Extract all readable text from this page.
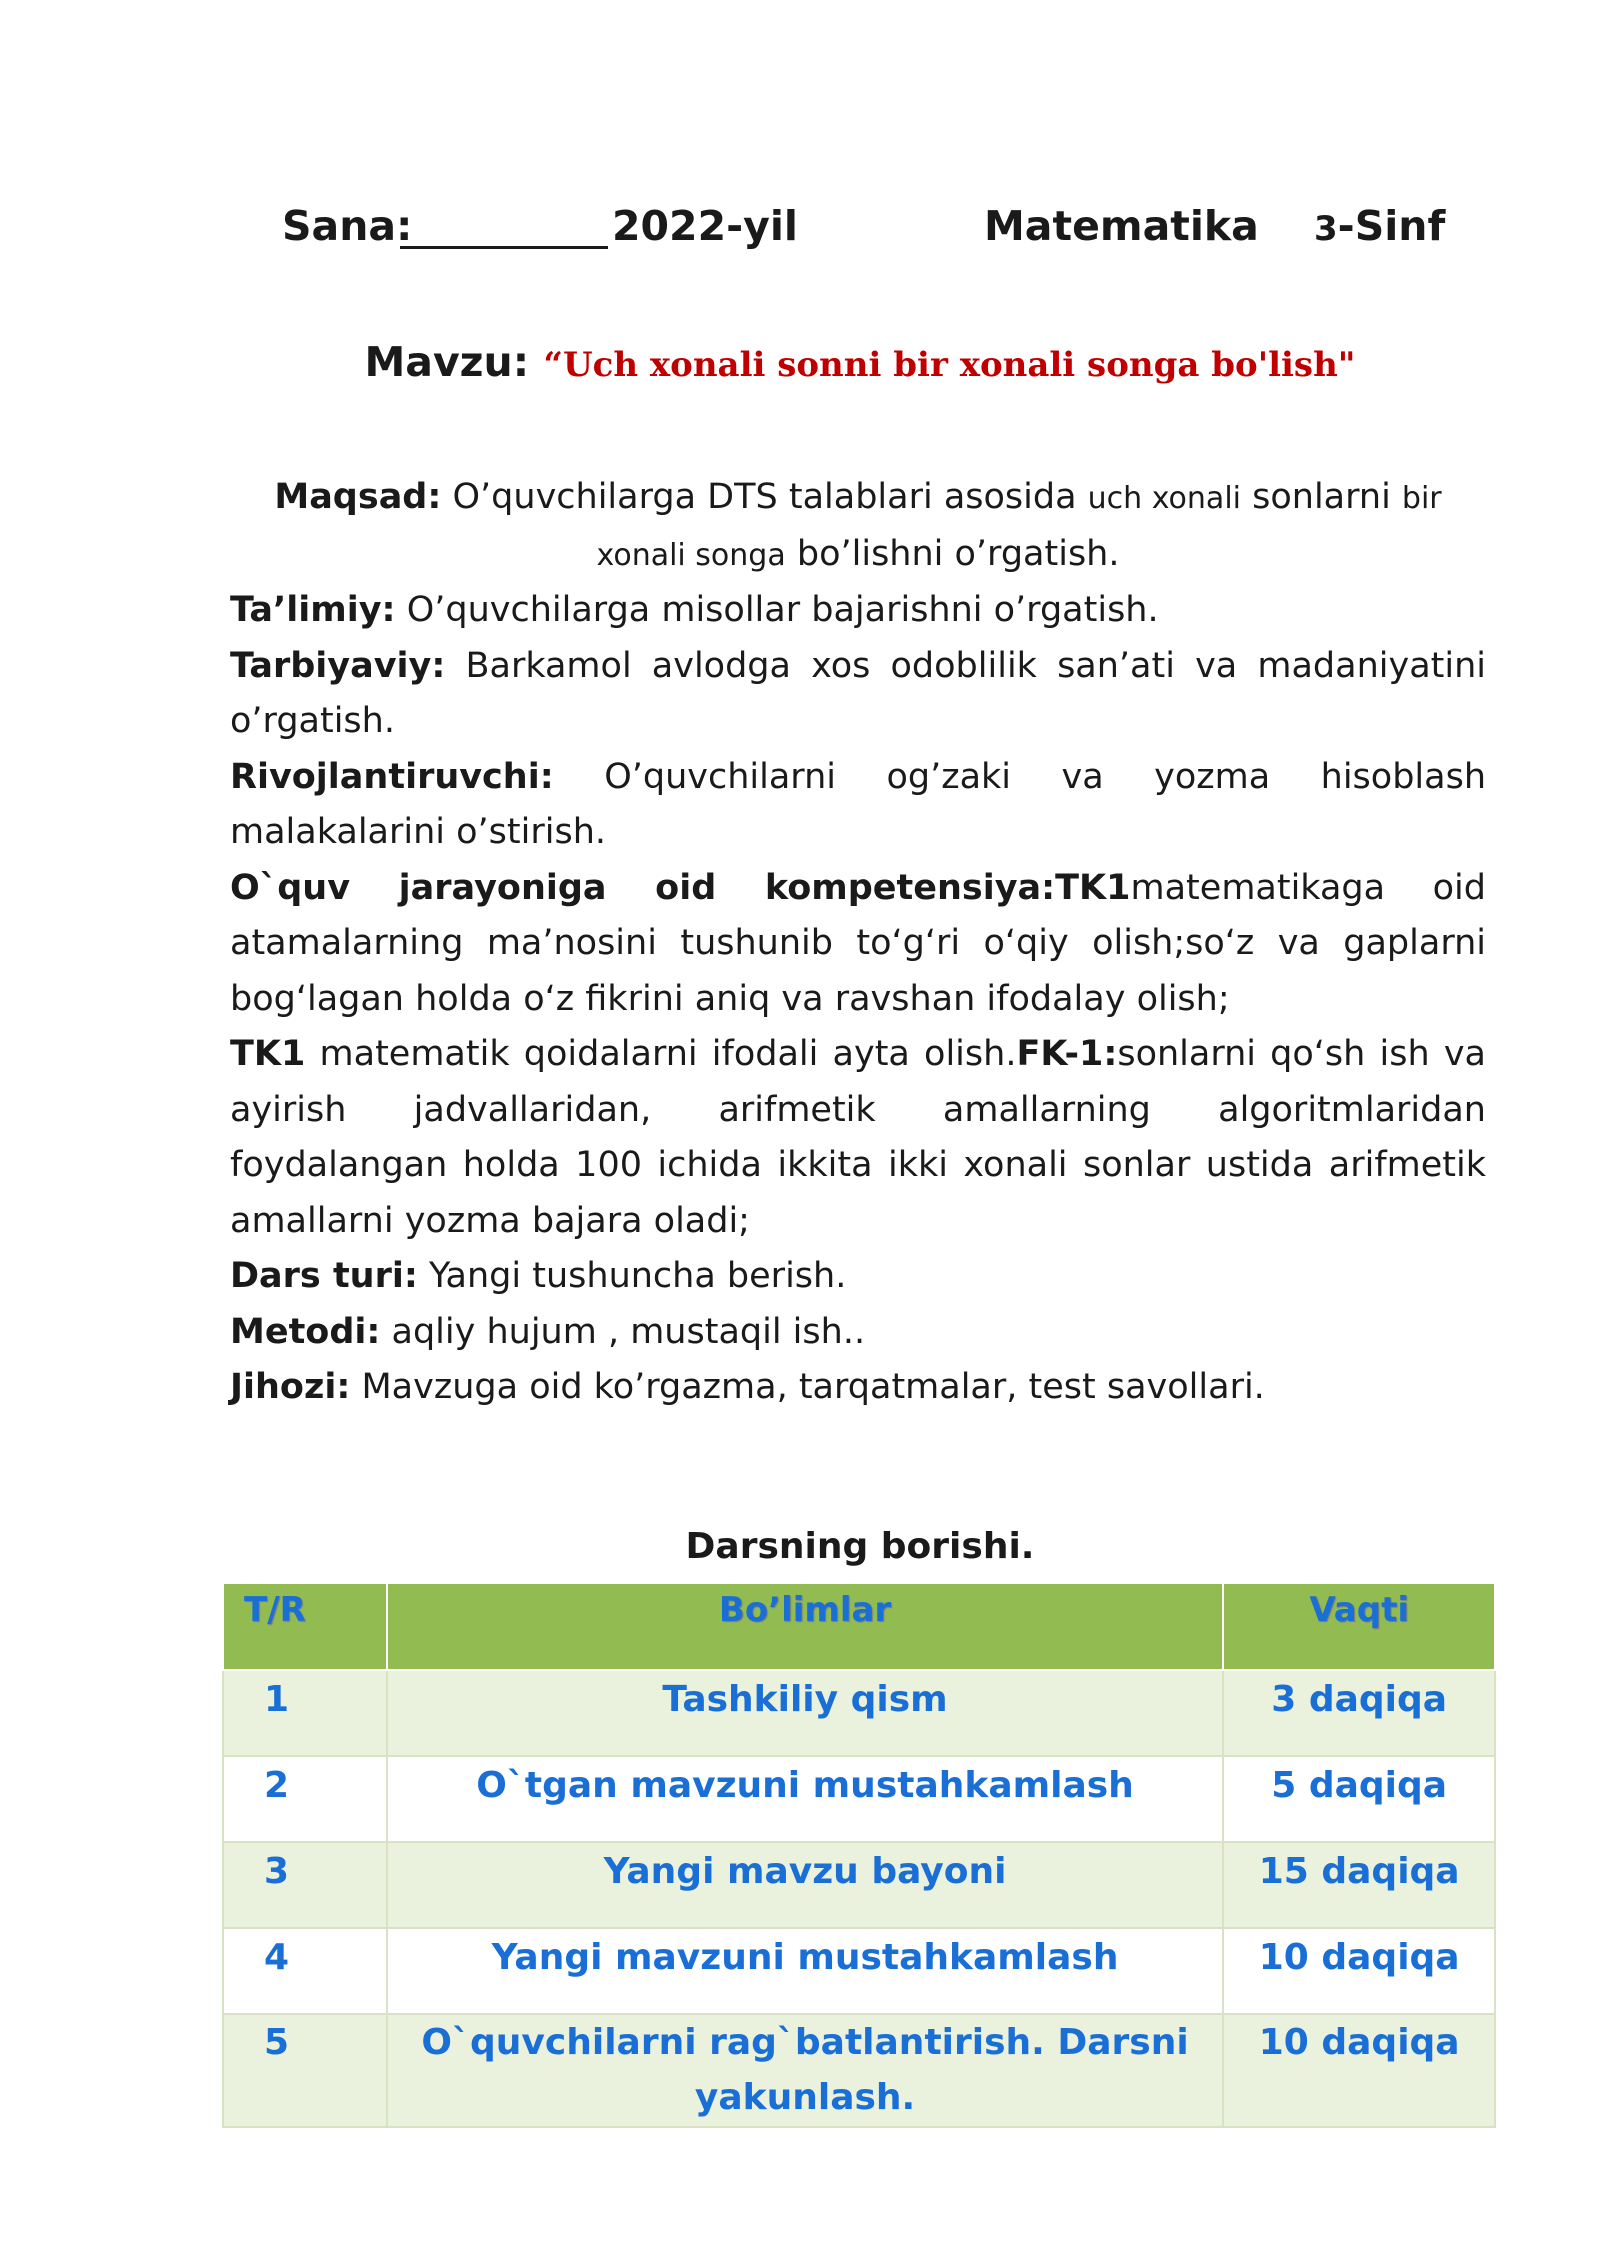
Sana:	2022-yil	Matematika 3-Sinf
Mavzu: “Uch xonali sonni bir xonali songa bo'lish"

Maqsad: O’quvchilarga DTS talablari asosida uch xonali sonlarni bir xonali songa bo’lishni o’rgatish.

Ta’limiy: O’quvchilarga misollar bajarishni o’rgatish.

Tarbiyaviy: Barkamol avlodga xos odoblilik san’ati va madaniyatini o’rgatish.

Rivojlantiruvchi: O’quvchilarni og’zaki va yozma hisoblash malakalarini o’stirish.

O`quv jarayoniga oid kompetensiya:TK1matematikaga oid atamalarning ma’nosini tushunib to‘g‘ri o‘qiy olish;so‘z va gaplarni bog‘lagan holda o‘z fikrini aniq va ravshan ifodalay olish;

TK1 matematik qoidalarni ifodali ayta olish.FK-1:sonlarni qo‘sh ish va ayirish jadvallaridan, arifmetik amallarning algoritmlaridan foydalangan holda 100 ichida ikkita ikki xonali sonlar ustida arifmetik amallarni yozma bajara oladi;

Dars turi: Yangi tushuncha berish.

Metodi: aqliy hujum , mustaqil ish..

Jihozi: Mavzuga oid ko’rgazma, tarqatmalar, test savollari.

Darsning borishi.
T/R	Bo’limlar	Vaqti
1	Tashkiliy qism	3 daqiqa
2	O`tgan mavzuni mustahkamlash	5 daqiqa
3	Yangi mavzu bayoni	15 daqiqa
4	Yangi mavzuni mustahkamlash	10 daqiqa
5	O`quvchilarni rag`batlantirish. Darsni yakunlash.	10 daqiqa
